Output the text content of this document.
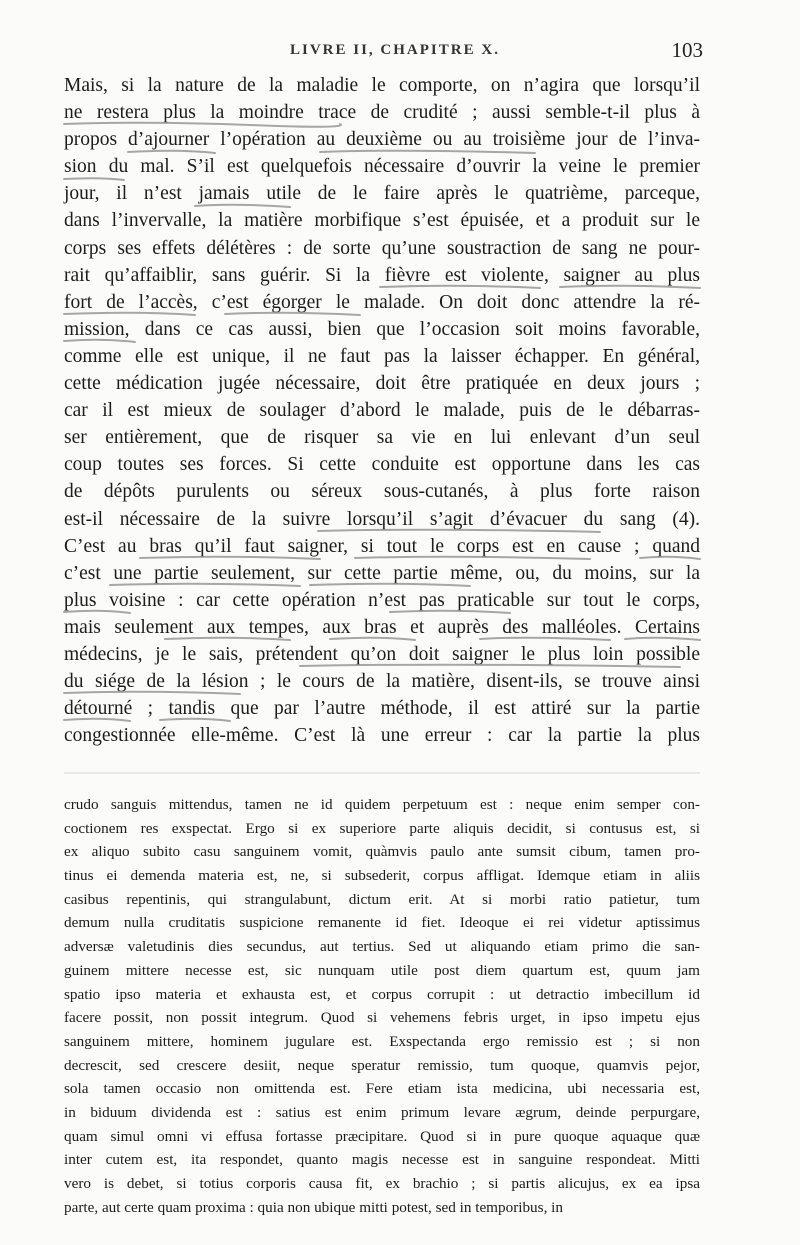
LIVRE II, CHAPITRE X.	103
Mais, si la nature de la maladie le comporte, on n’agira que lorsqu’il
ne restera plus la moindre trace de crudité ; aussi semble-t-il plus à
propos d’ajourner l’opération au deuxième ou au troisième jour de l’inva-
sion du mal. S’il est quelquefois nécessaire d’ouvrir la veine le premier
jour, il n’est jamais utile de le faire après le quatrième, parceque,
dans l’invervalle, la matière morbifique s’est épuisée, et a produit sur le
corps ses effets délétères : de sorte qu’une soustraction de sang ne pour-
rait qu’affaiblir, sans guérir. Si la fièvre est violente, saigner au plus
fort de l’accès, c’est égorger le malade. On doit donc attendre la ré-
mission, dans ce cas aussi, bien que l’occasion soit moins favorable,
comme elle est unique, il ne faut pas la laisser échapper. En général,
cette médication jugée nécessaire, doit être pratiquée en deux jours ;
car il est mieux de soulager d’abord le malade, puis de le débarras-
ser entièrement, que de risquer sa vie en lui enlevant d’un seul
coup toutes ses forces. Si cette conduite est opportune dans les cas
de dépôts purulents ou séreux sous-cutanés, à plus forte raison
est-il nécessaire de la suivre lorsqu’il s’agit d’évacuer du sang (4).
C’est au bras qu’il faut saigner, si tout le corps est en cause ; quand
c’est une partie seulement, sur cette partie même, ou, du moins, sur la
plus voisine : car cette opération n’est pas praticable sur tout le corps,
mais seulement aux tempes, aux bras et auprès des malléoles. Certains
médecins, je le sais, prétendent qu’on doit saigner le plus loin possible
du siége de la lésion ; le cours de la matière, disent-ils, se trouve ainsi
détourné ; tandis que par l’autre méthode, il est attiré sur la partie
congestionnée elle-même. C’est là une erreur : car la partie la plus
crudo sanguis mittendus, tamen ne id quidem perpetuum est : neque enim semper con-
coctionem res exspectat. Ergo si ex superiore parte aliquis decidit, si contusus est, si
ex aliquo subito casu sanguinem vomit, quàmvis paulo ante sumsit cibum, tamen pro-
tinus ei demenda materia est, ne, si subsederit, corpus affligat. Idemque etiam in aliis
casibus repentinis, qui strangulabunt, dictum erit. At si morbi ratio patietur, tum
demum nulla cruditatis suspicione remanente id fiet. Ideoque ei rei videtur aptissimus
adversæ valetudinis dies secundus, aut tertius. Sed ut aliquando etiam primo die san-
guinem mittere necesse est, sic nunquam utile post diem quartum est, quum jam
spatio ipso materia et exhausta est, et corpus corrupit : ut detractio imbecillum id
facere possit, non possit integrum. Quod si vehemens febris urget, in ipso impetu ejus
sanguinem mittere, hominem jugulare est. Exspectanda ergo remissio est ; si non
decrescit, sed crescere desiit, neque speratur remissio, tum quoque, quamvis pejor,
sola tamen occasio non omittenda est. Fere etiam ista medicina, ubi necessaria est,
in biduum dividenda est : satius est enim primum levare ægrum, deinde perpurgare,
quam simul omni vi effusa fortasse præcipitare. Quod si in pure quoque aquaque quæ
inter cutem est, ita respondet, quanto magis necesse est in sanguine respondeat. Mitti
vero is debet, si totius corporis causa fit, ex brachio ; si partis alicujus, ex ea ipsa
parte, aut certe quam proxima : quia non ubique mitti potest, sed in temporibus, in
